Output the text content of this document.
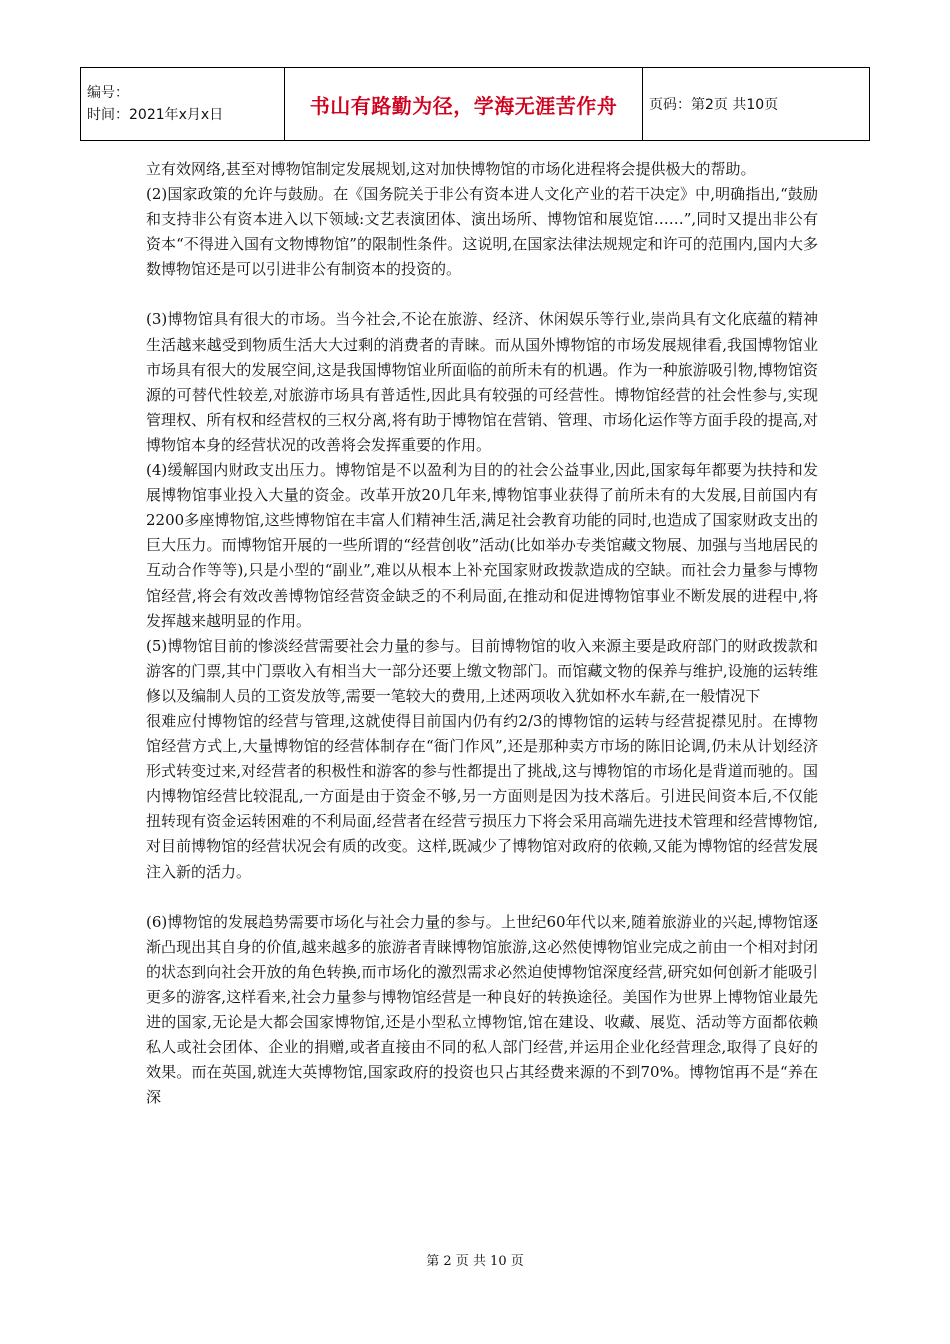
编号：
时间：2021年x月x日	书山有路勤为径，学海无涯苦作舟	页码：第2页 共10页

立有效网络,甚至对博物馆制定发展规划,这对加快博物馆的市场化进程将会提供极大的帮助。

(2)国家政策的允许与鼓励。在《国务院关于非公有资本进人文化产业的若干决定》中,明确指出,“鼓励和支持非公有资本进入以下领域:文艺表演团体、演出场所、博物馆和展览馆……”,同时又提出非公有资本“不得进入国有文物博物馆”的限制性条件。这说明,在国家法律法规规定和许可的范围内,国内大多数博物馆还是可以引进非公有制资本的投资的。

(3)博物馆具有很大的市场。当今社会,不论在旅游、经济、休闲娱乐等行业,崇尚具有文化底蕴的精神生活越来越受到物质生活大大过剩的消费者的青睐。而从国外博物馆的市场发展规律看,我国博物馆业市场具有很大的发展空间,这是我国博物馆业所面临的前所未有的机遇。作为一种旅游吸引物,博物馆资源的可替代性较差,对旅游市场具有普适性,因此具有较强的可经营性。博物馆经营的社会性参与,实现管理权、所有权和经营权的三权分离,将有助于博物馆在营销、管理、市场化运作等方面手段的提高,对博物馆本身的经营状况的改善将会发挥重要的作用。

(4)缓解国内财政支出压力。博物馆是不以盈利为目的的社会公益事业,因此,国家每年都要为扶持和发展博物馆事业投入大量的资金。改革开放20几年来,博物馆事业获得了前所未有的大发展,目前国内有2200多座博物馆,这些博物馆在丰富人们精神生活,满足社会教育功能的同时,也造成了国家财政支出的巨大压力。而博物馆开展的一些所谓的“经营创收”活动(比如举办专类馆藏文物展、加强与当地居民的互动合作等等),只是小型的“副业”,难以从根本上补充国家财政拨款造成的空缺。而社会力量参与博物馆经营,将会有效改善博物馆经营资金缺乏的不利局面,在推动和促进博物馆事业不断发展的进程中,将发挥越来越明显的作用。

(5)博物馆目前的惨淡经营需要社会力量的参与。目前博物馆的收入来源主要是政府部门的财政拨款和游客的门票,其中门票收入有相当大一部分还要上缴文物部门。而馆藏文物的保养与维护,设施的运转维修以及编制人员的工资发放等,需要一笔较大的费用,上述两项收入犹如杯水车薪,在一般情况下

很难应付博物馆的经营与管理,这就使得目前国内仍有约2/3的博物馆的运转与经营捉襟见肘。在博物馆经营方式上,大量博物馆的经营体制存在“衙门作风”,还是那种卖方市场的陈旧论调,仍未从计划经济形式转变过来,对经营者的积极性和游客的参与性都提出了挑战,这与博物馆的市场化是背道而驰的。国内博物馆经营比较混乱,一方面是由于资金不够,另一方面则是因为技术落后。引进民间资本后,不仅能扭转现有资金运转困难的不利局面,经营者在经营亏损压力下将会采用高端先进技术管理和经营博物馆,对目前博物馆的经营状况会有质的改变。这样,既减少了博物馆对政府的依赖,又能为博物馆的经营发展注入新的活力。

(6)博物馆的发展趋势需要市场化与社会力量的参与。上世纪60年代以来,随着旅游业的兴起,博物馆逐渐凸现出其自身的价值,越来越多的旅游者青睐博物馆旅游,这必然使博物馆业完成之前由一个相对封闭的状态到向社会开放的角色转换,而市场化的激烈需求必然迫使博物馆深度经营,研究如何创新才能吸引更多的游客,这样看来,社会力量参与博物馆经营是一种良好的转换途径。美国作为世界上博物馆业最先进的国家,无论是大都会国家博物馆,还是小型私立博物馆,馆在建设、收藏、展览、活动等方面都依赖私人或社会团体、企业的捐赠,或者直接由不同的私人部门经营,并运用企业化经营理念,取得了良好的效果。而在英国,就连大英博物馆,国家政府的投资也只占其经费来源的不到70%。博物馆再不是“养在深

第 2 页 共 10 页
